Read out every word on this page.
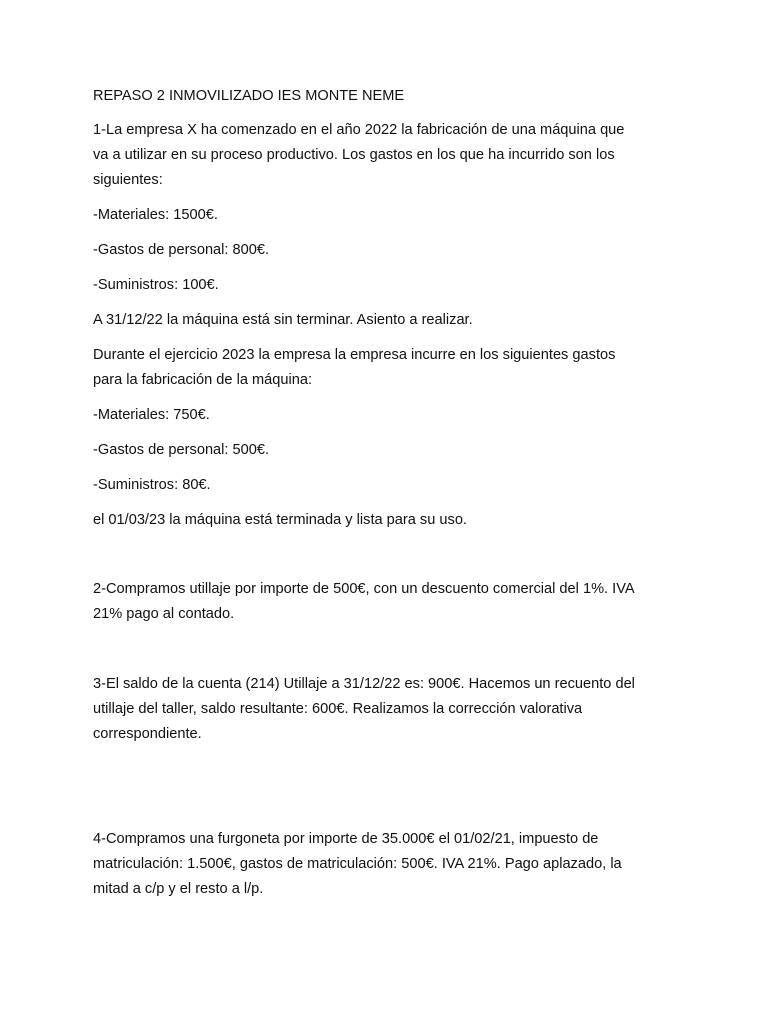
REPASO 2 INMOVILIZADO IES MONTE NEME

1-La empresa X ha comenzado en el año 2022 la fabricación de una máquina que
va a utilizar en su proceso productivo. Los gastos en los que ha incurrido son los
siguientes:

-Materiales: 1500€.

-Gastos de personal: 800€.

-Suministros: 100€.

A 31/12/22 la máquina está sin terminar. Asiento a realizar.

Durante el ejercicio 2023 la empresa la empresa incurre en los siguientes gastos
para la fabricación de la máquina:

-Materiales: 750€.

-Gastos de personal: 500€.

-Suministros: 80€.

el 01/03/23 la máquina está terminada y lista para su uso.

2-Compramos utillaje por importe de 500€, con un descuento comercial del 1%. IVA
21% pago al contado.

3-El saldo de la cuenta (214) Utillaje a 31/12/22 es: 900€. Hacemos un recuento del
utillaje del taller, saldo resultante: 600€. Realizamos la corrección valorativa
correspondiente.

4-Compramos una furgoneta por importe de 35.000€ el 01/02/21, impuesto de
matriculación: 1.500€, gastos de matriculación: 500€. IVA 21%. Pago aplazado, la
mitad a c/p y el resto a l/p.
